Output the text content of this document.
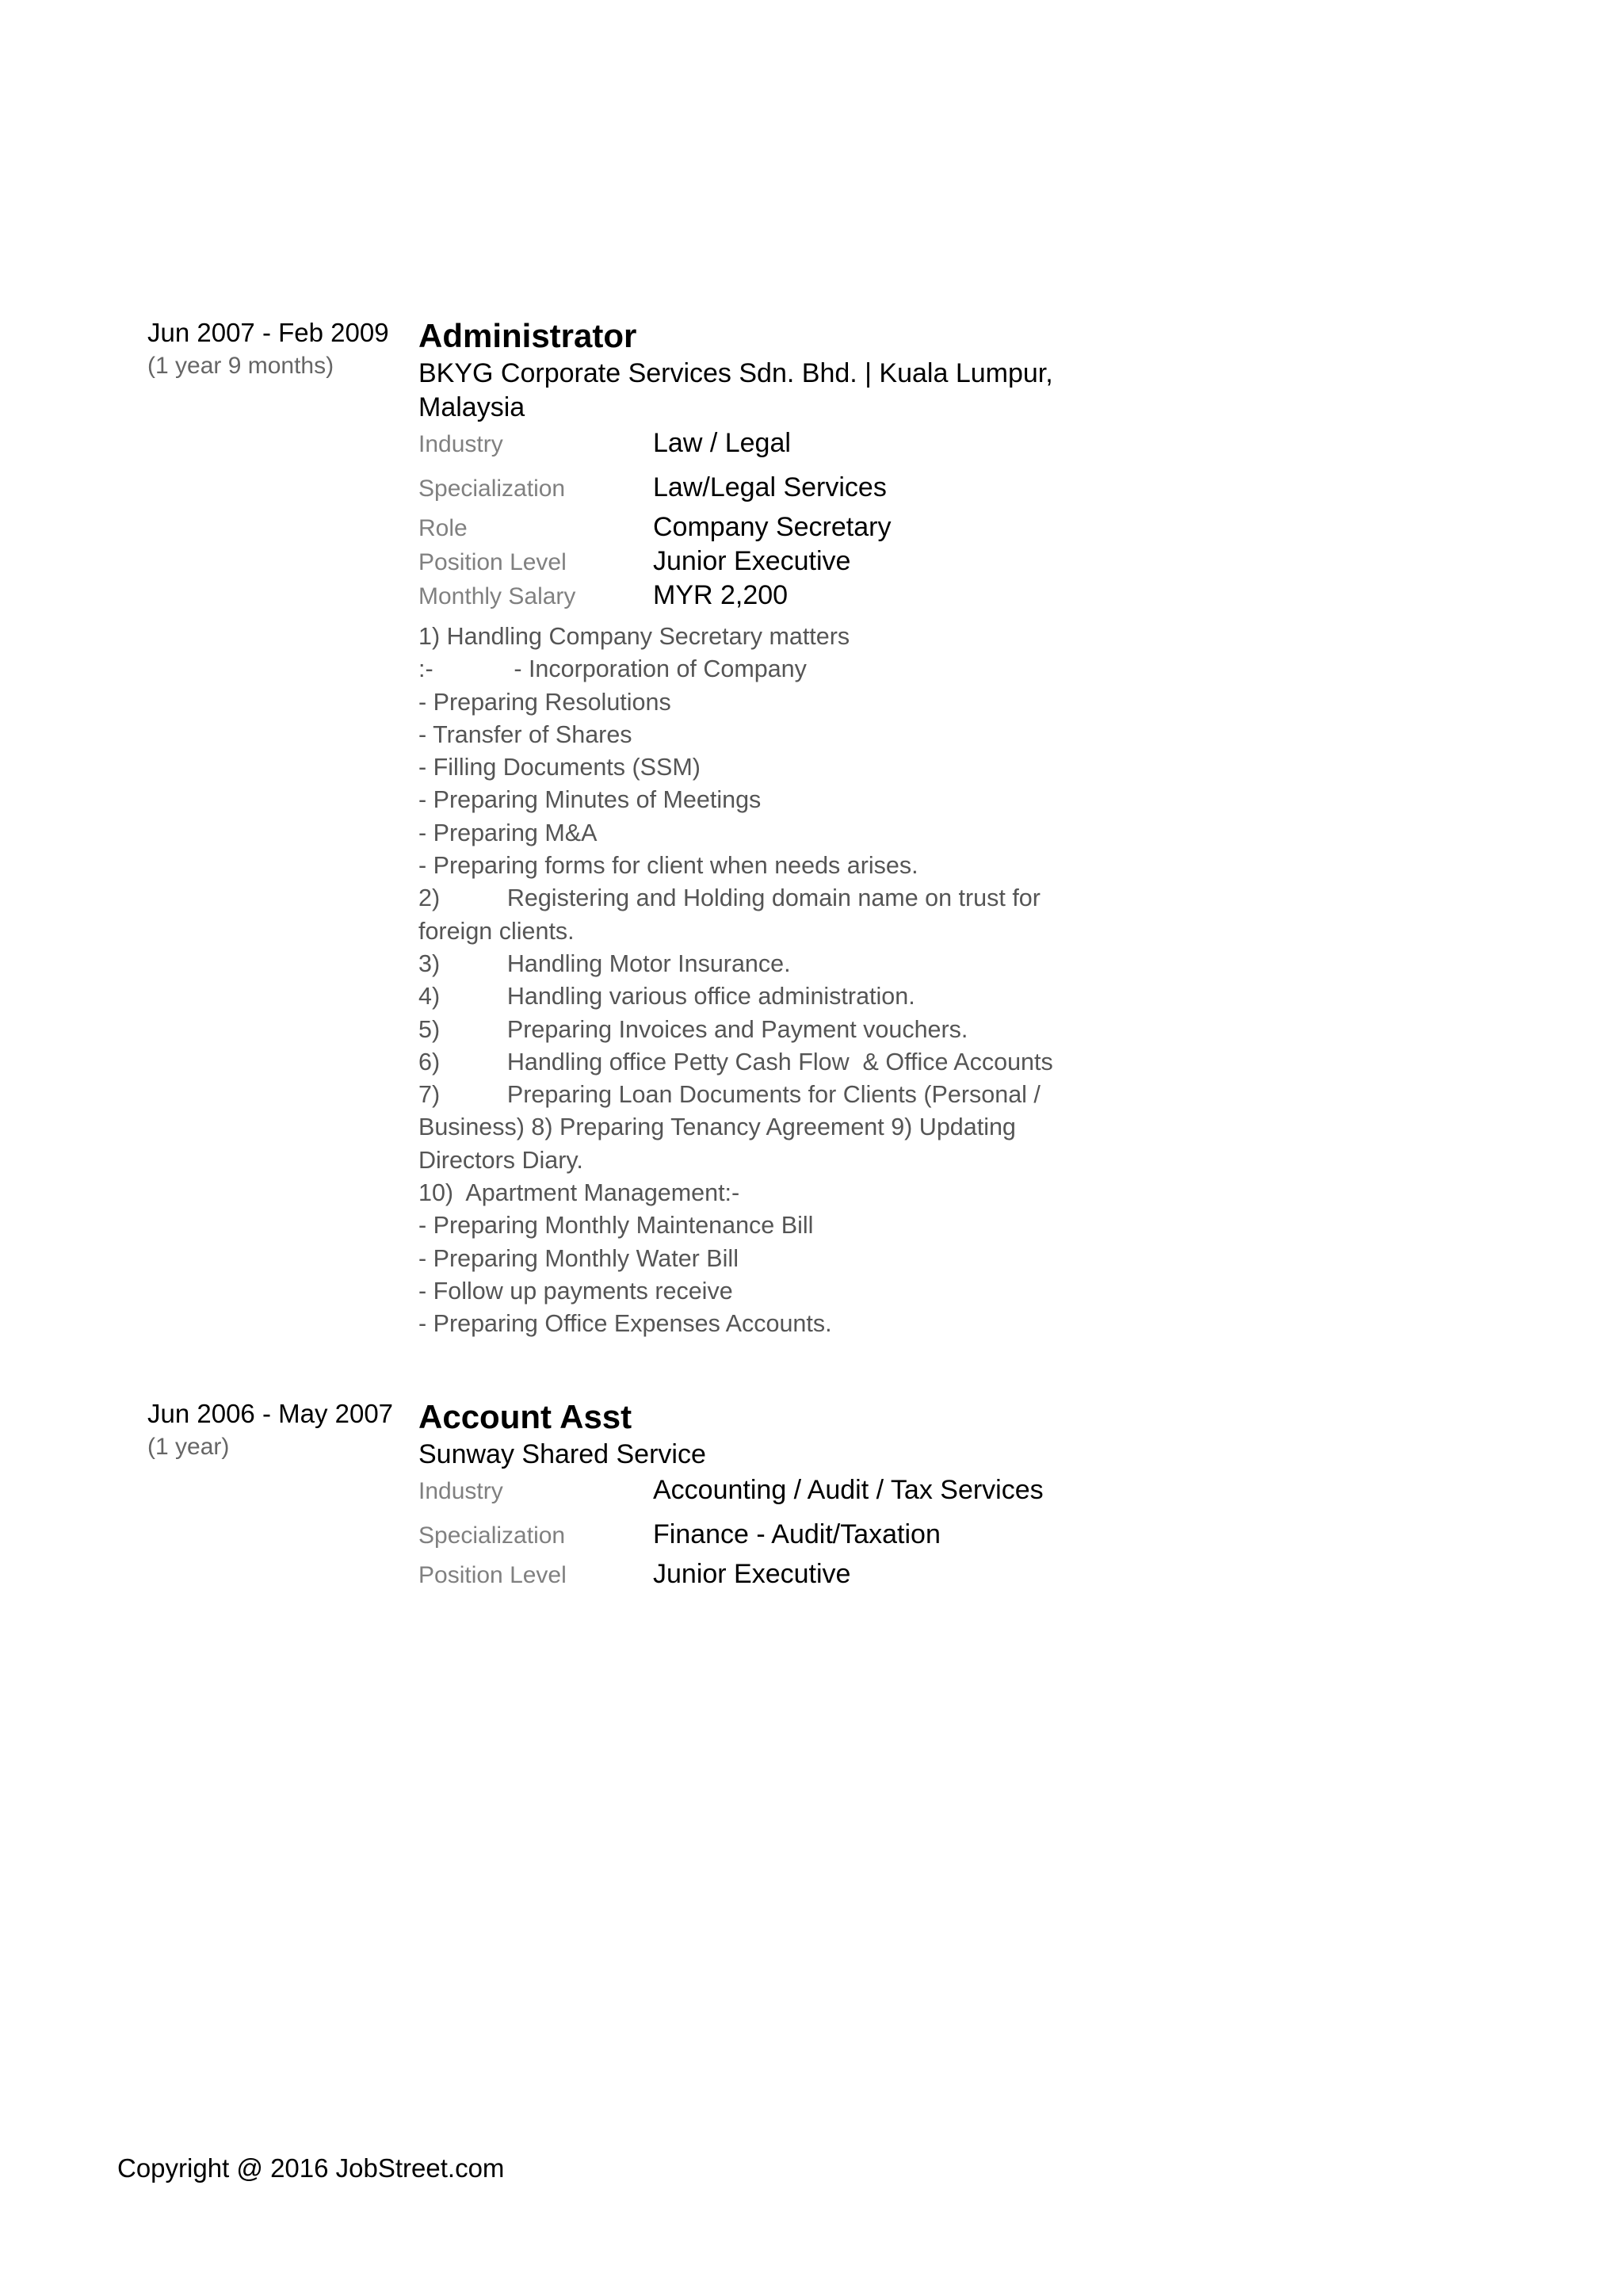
Jun 2007 - Feb 2009
(1 year 9 months)
Administrator
BKYG Corporate Services Sdn. Bhd. | Kuala Lumpur, Malaysia
Industry	Law / Legal
Specialization	Law/Legal Services
Role	Company Secretary
Position Level	Junior Executive
Monthly Salary	MYR 2,200
1) Handling Company Secretary matters
:-            - Incorporation of Company
- Preparing Resolutions
- Transfer of Shares
- Filling Documents (SSM)
- Preparing Minutes of Meetings
- Preparing M&A
- Preparing forms for client when needs arises.
2)          Registering and Holding domain name on trust for
foreign clients.
3)          Handling Motor Insurance.
4)          Handling various office administration.
5)          Preparing Invoices and Payment vouchers.
6)          Handling office Petty Cash Flow  & Office Accounts
7)          Preparing Loan Documents for Clients (Personal /
Business) 8) Preparing Tenancy Agreement 9) Updating
Directors Diary.
10)  Apartment Management:-
- Preparing Monthly Maintenance Bill
- Preparing Monthly Water Bill
- Follow up payments receive
- Preparing Office Expenses Accounts.
Jun 2006 - May 2007
(1 year)
Account Asst
Sunway Shared Service
Industry	Accounting / Audit / Tax Services
Specialization	Finance - Audit/Taxation
Position Level	Junior Executive
Copyright @ 2016 JobStreet.com
